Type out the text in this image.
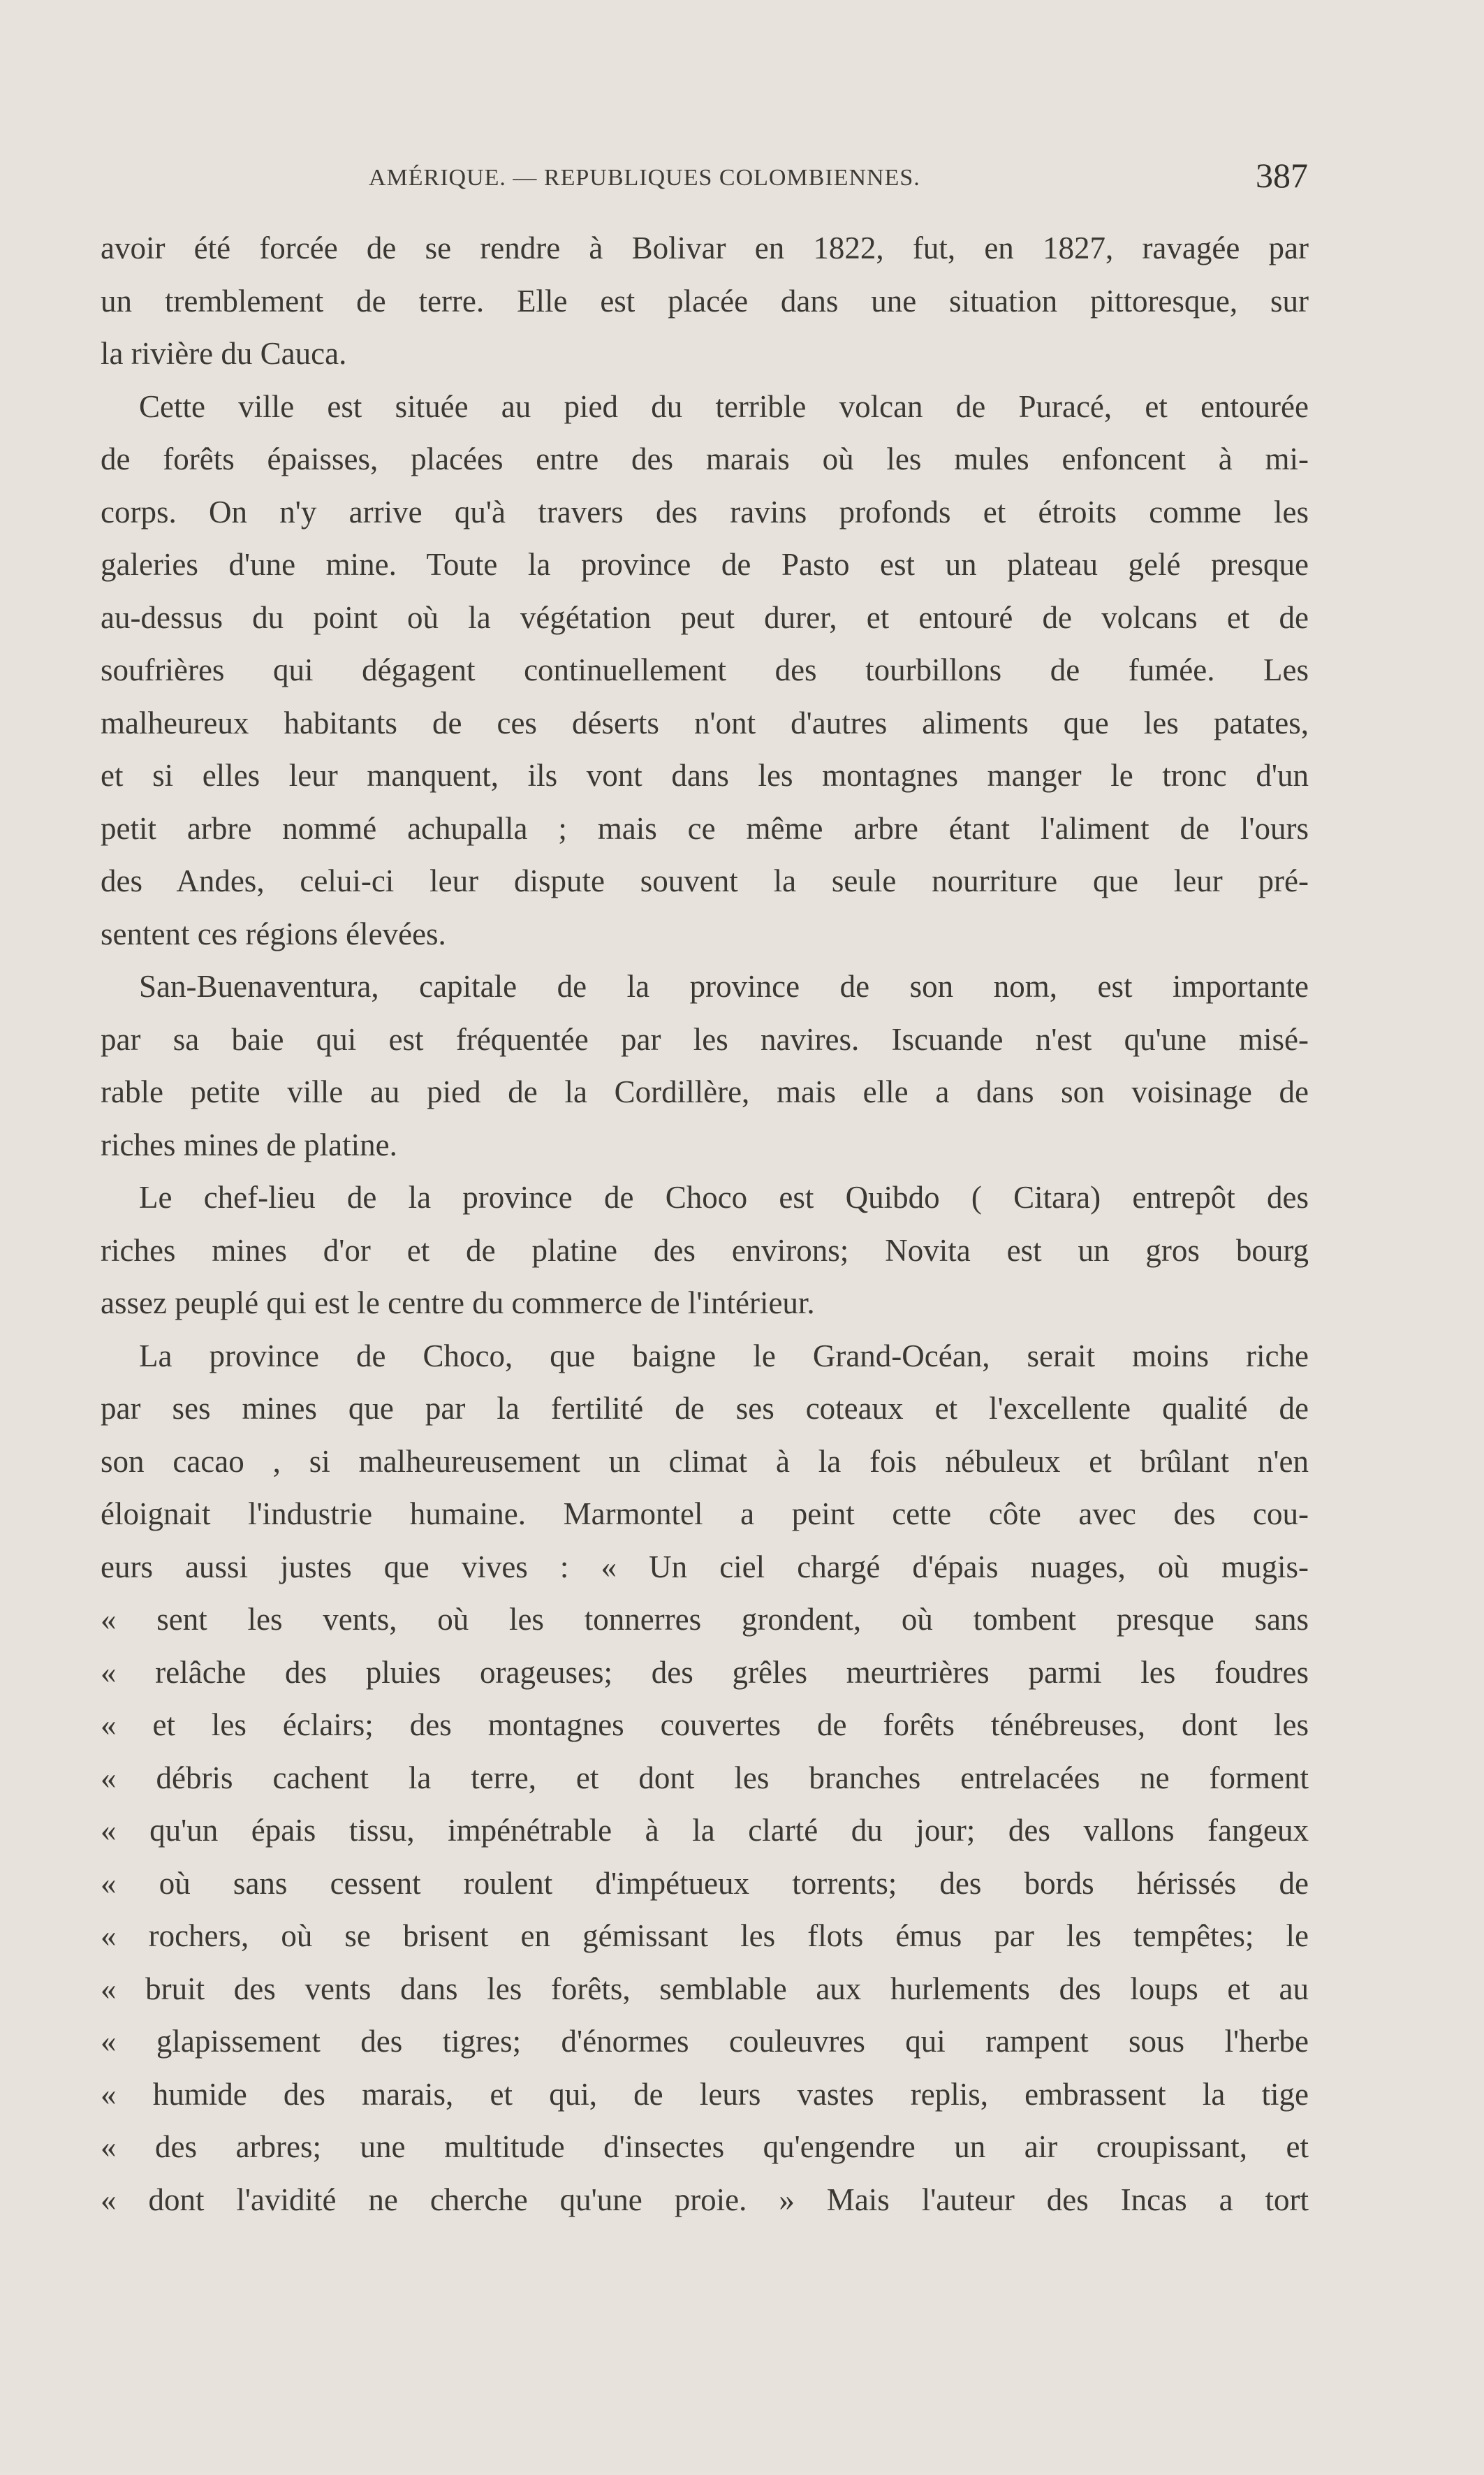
AMÉRIQUE. — REPUBLIQUES COLOMBIENNES.	387
avoir été forcée de se rendre à Bolivar en 1822, fut, en 1827, ravagée par
un tremblement de terre. Elle est placée dans une situation pittoresque, sur
la rivière du Cauca.
Cette ville est située au pied du terrible volcan de Puracé, et entourée
de forêts épaisses, placées entre des marais où les mules enfoncent à mi-
corps. On n'y arrive qu'à travers des ravins profonds et étroits comme les
galeries d'une mine. Toute la province de Pasto est un plateau gelé presque
au-dessus du point où la végétation peut durer, et entouré de volcans et de
soufrières qui dégagent continuellement des tourbillons de fumée. Les
malheureux habitants de ces déserts n'ont d'autres aliments que les patates,
et si elles leur manquent, ils vont dans les montagnes manger le tronc d'un
petit arbre nommé achupalla ; mais ce même arbre étant l'aliment de l'ours
des Andes, celui-ci leur dispute souvent la seule nourriture que leur pré-
sentent ces régions élevées.
San-Buenaventura, capitale de la province de son nom, est importante
par sa baie qui est fréquentée par les navires. Iscuande n'est qu'une misé-
rable petite ville au pied de la Cordillère, mais elle a dans son voisinage de
riches mines de platine.
Le chef-lieu de la province de Choco est Quibdo ( Citara) entrepôt des
riches mines d'or et de platine des environs; Novita est un gros bourg
assez peuplé qui est le centre du commerce de l'intérieur.
La province de Choco, que baigne le Grand-Océan, serait moins riche
par ses mines que par la fertilité de ses coteaux et l'excellente qualité de
son cacao , si malheureusement un climat à la fois nébuleux et brûlant n'en
éloignait l'industrie humaine. Marmontel a peint cette côte avec des cou-
eurs aussi justes que vives : « Un ciel chargé d'épais nuages, où mugis-
« sent les vents, où les tonnerres grondent, où tombent presque sans
« relâche des pluies orageuses; des grêles meurtrières parmi les foudres
« et les éclairs; des montagnes couvertes de forêts ténébreuses, dont les
« débris cachent la terre, et dont les branches entrelacées ne forment
« qu'un épais tissu, impénétrable à la clarté du jour; des vallons fangeux
« où sans cessent roulent d'impétueux torrents; des bords hérissés de
« rochers, où se brisent en gémissant les flots émus par les tempêtes; le
« bruit des vents dans les forêts, semblable aux hurlements des loups et au
« glapissement des tigres; d'énormes couleuvres qui rampent sous l'herbe
« humide des marais, et qui, de leurs vastes replis, embrassent la tige
« des arbres; une multitude d'insectes qu'engendre un air croupissant, et
« dont l'avidité ne cherche qu'une proie. » Mais l'auteur des Incas a tort
